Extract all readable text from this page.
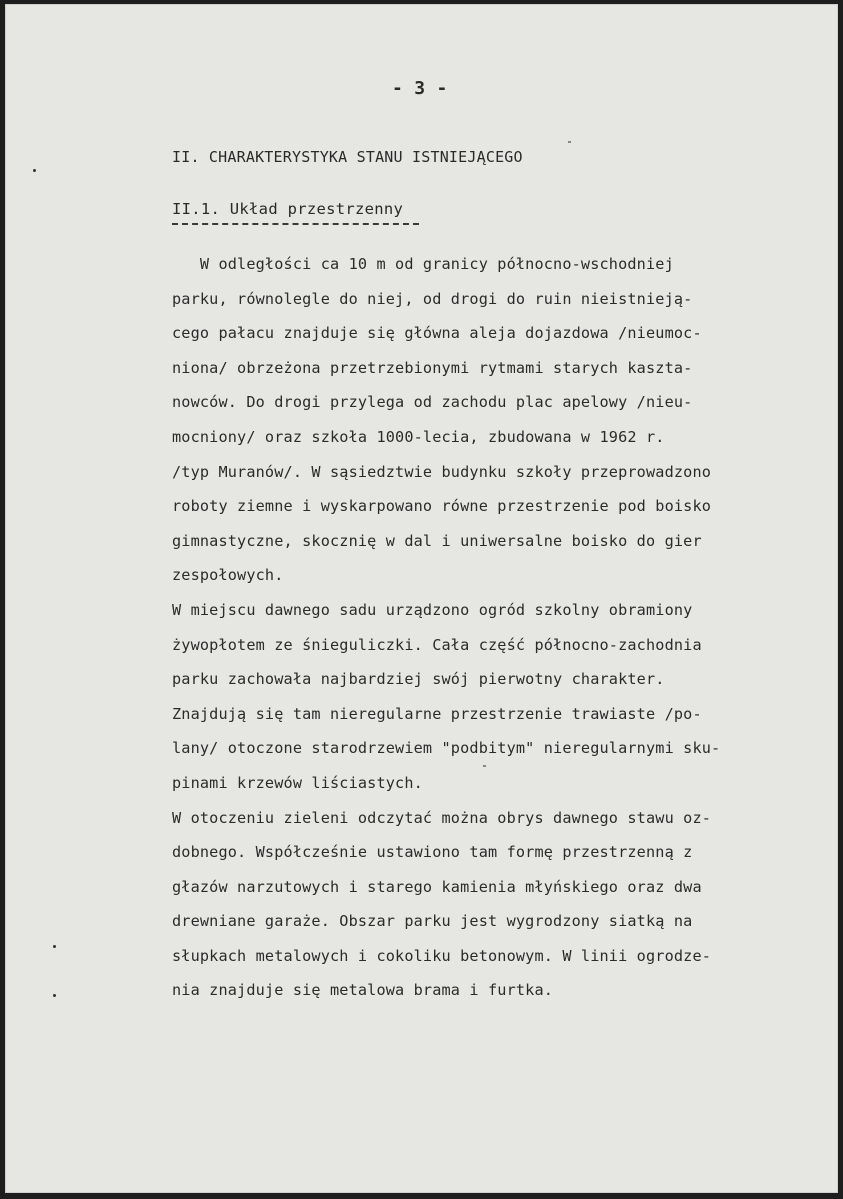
- 3 -
II. CHARAKTERYSTYKA STANU ISTNIEJĄCEGO
II.1. Układ przestrzenny
W odległości ca 10 m od granicy północno-wschodniej
parku, równolegle do niej, od drogi do ruin nieistnieją-
cego pałacu znajduje się główna aleja dojazdowa /nieumoc-
niona/ obrzeżona przetrzebionymi rytmami starych kaszta-
nowców. Do drogi przylega od zachodu plac apelowy /nieu-
mocniony/ oraz szkoła 1000-lecia, zbudowana w 1962 r.
/typ Muranów/. W sąsiedztwie budynku szkoły przeprowadzono
roboty ziemne i wyskarpowano równe przestrzenie pod boisko
gimnastyczne, skocznię w dal i uniwersalne boisko do gier
zespołowych.
W miejscu dawnego sadu urządzono ogród szkolny obramiony
żywopłotem ze śnieguliczki. Cała część północno-zachodnia
parku zachowała najbardziej swój pierwotny charakter.
Znajdują się tam nieregularne przestrzenie trawiaste /po-
lany/ otoczone starodrzewiem "podbitym" nieregularnymi sku-
pinami krzewów liściastych.
W otoczeniu zieleni odczytać można obrys dawnego stawu oz-
dobnego. Współcześnie ustawiono tam formę przestrzenną z
głazów narzutowych i starego kamienia młyńskiego oraz dwa
drewniane garaże. Obszar parku jest wygrodzony siatką na
słupkach metalowych i cokoliku betonowym. W linii ogrodze-
nia znajduje się metalowa brama i furtka.
